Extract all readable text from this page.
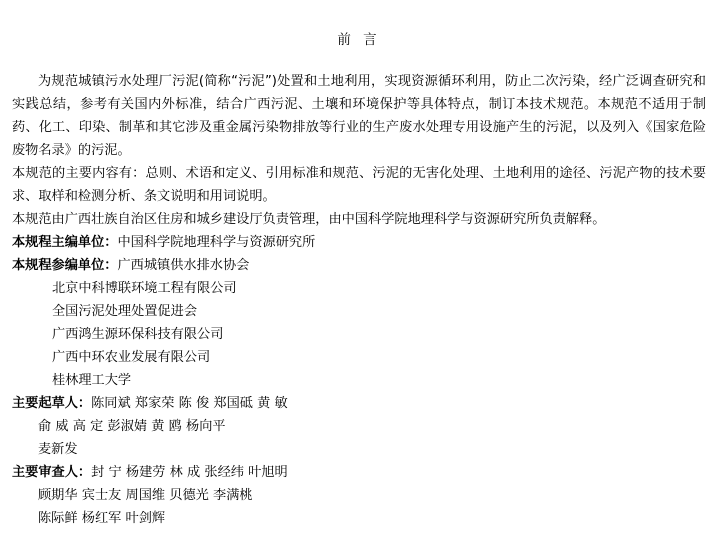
前 言

为规范城镇污水处理厂污泥(简称“污泥”)处置和土地利用，实现资源循环利用，防止二次污染，经广泛调查研究和实践总结，参考有关国内外标准，结合广西污泥、土壤和环境保护等具体特点，制订本技术规范。本规范不适用于制药、化工、印染、制革和其它涉及重金属污染物排放等行业的生产废水处理专用设施产生的污泥，以及列入《国家危险废物名录》的污泥。

本规范的主要内容有：总则、术语和定义、引用标准和规范、污泥的无害化处理、土地利用的途径、污泥产物的技术要求、取样和检测分析、条文说明和用词说明。

本规范由广西壮族自治区住房和城乡建设厅负责管理，由中国科学院地理科学与资源研究所负责解释。

本规程主编单位：中国科学院地理科学与资源研究所
本规程参编单位：广西城镇供水排水协会
北京中科博联环境工程有限公司
全国污泥处理处置促进会
广西鸿生源环保科技有限公司
广西中环农业发展有限公司
桂林理工大学
主要起草人：陈同斌 郑家荣 陈 俊 郑国砥 黄 敏
俞 威 高 定 彭淑婧 黄 鸥 杨向平
麦新发
主要审查人：封 宁 杨建劳 林 成 张经纬 叶旭明
顾期华 宾士友 周国维 贝德光 李满桃
陈际鲜 杨红军 叶剑辉
